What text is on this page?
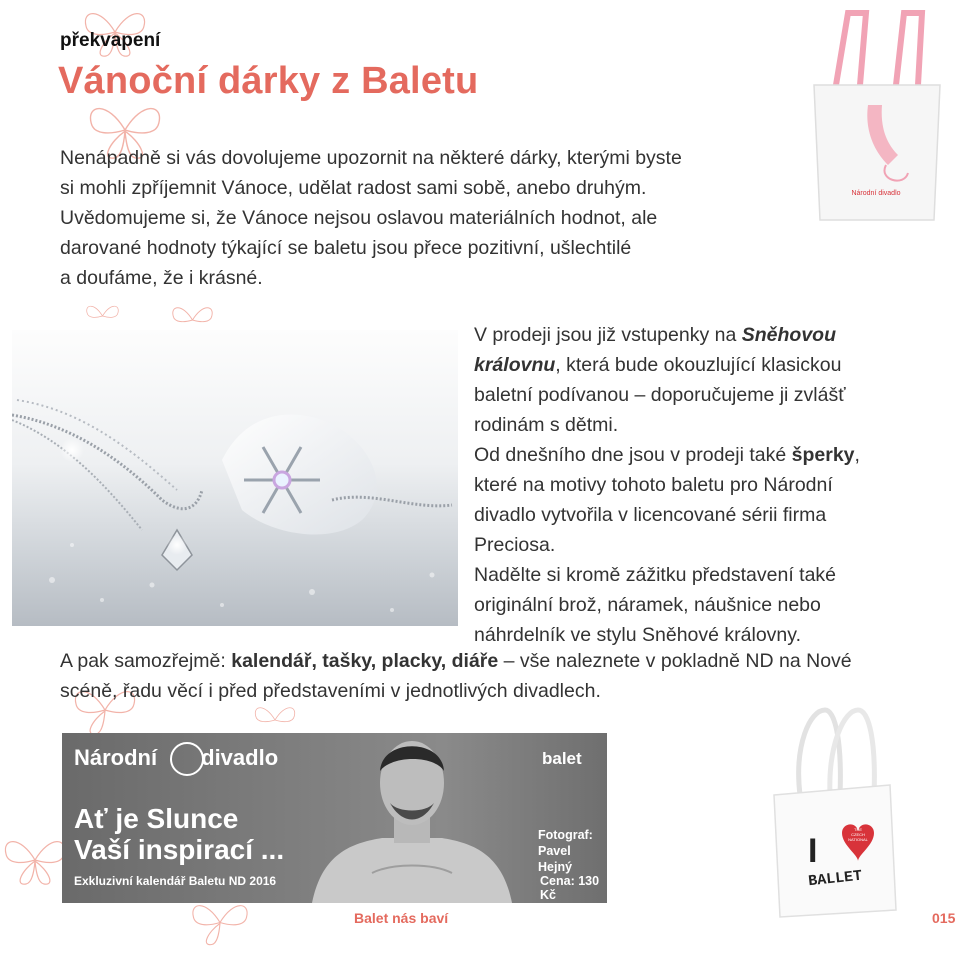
překvapení

Vánoční dárky z Baletu

Nenápadně si vás dovolujeme upozornit na některé dárky, kterými byste
si mohli zpříjemnit Vánoce, udělat radost sami sobě, anebo druhým.
Uvědomujeme si, že Vánoce nejsou oslavou materiálních hodnot, ale
darované hodnoty týkající se baletu jsou přece pozitivní, ušlechtilé
a doufáme, že i krásné.

V prodeji jsou již vstupenky na Sněhovou
královnu, která bude okouzlující klasickou
baletní podívanou – doporučujeme ji zvlášť
rodinám s dětmi.
Od dnešního dne jsou v prodeji také šperky,
které na motivy tohoto baletu pro Národní
divadlo vytvořila v licencované sérii firma
Preciosa.
Nadělte si kromě zážitku představení také
originální brož, náramek, náušnice nebo
náhrdelník ve stylu Sněhové královny.

A pak samozřejmě: kalendář, tašky, placky, diáře – vše naleznete v pokladně ND na Nové
scéně, řadu věcí i před představeními v jednotlivých divadlech.

Národní divadlo	balet
Ať je Slunce
Vaší inspirací ...
Exkluzivní kalendář Baletu ND 2016
Fotograf:
Pavel Hejný
Cena: 130 Kč
Národní divadlo
I
THE
CZECH
NATIONAL
BALLET

Balet nás baví	015
